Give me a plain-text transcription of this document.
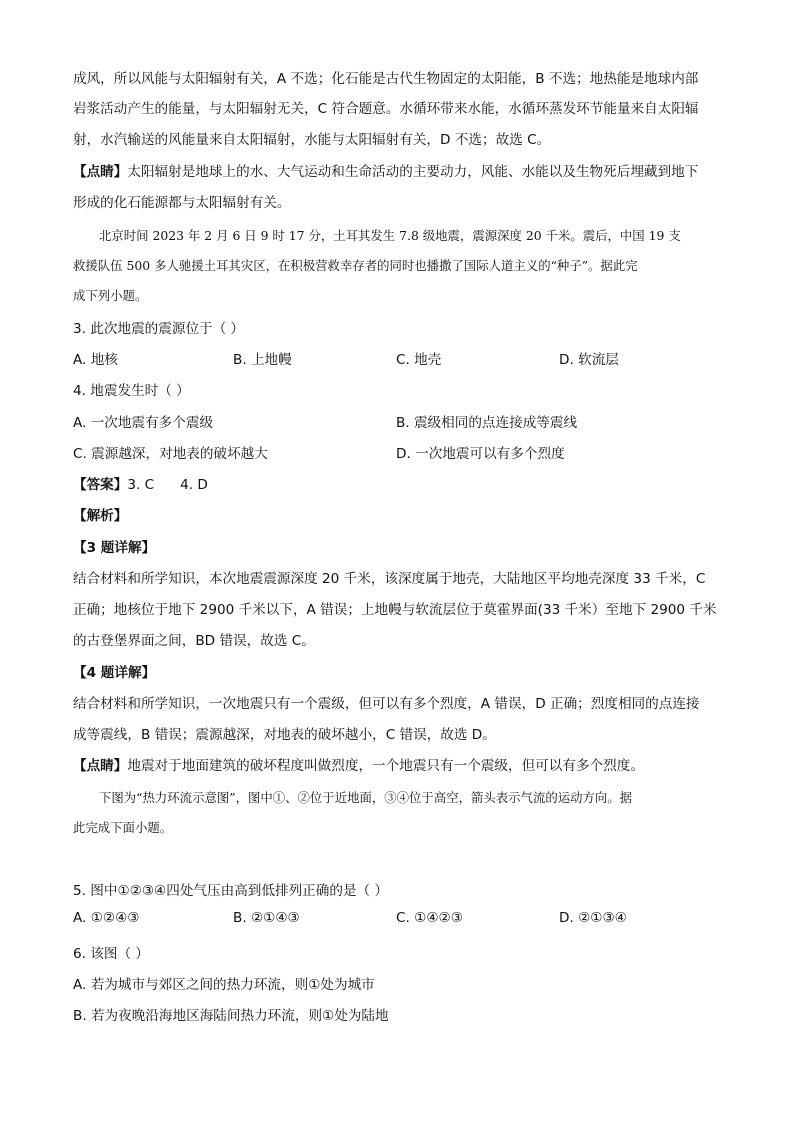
成风，所以风能与太阳辐射有关，A 不选；化石能是古代生物固定的太阳能，B 不选；地热能是地球内部
岩浆活动产生的能量，与太阳辐射无关，C 符合题意。水循环带来水能，水循环蒸发环节能量来自太阳辐
射，水汽输送的风能量来自太阳辐射，水能与太阳辐射有关，D 不选；故选 C。
【点睛】太阳辐射是地球上的水、大气运动和生命活动的主要动力，风能、水能以及生物死后埋藏到地下
形成的化石能源都与太阳辐射有关。
北京时间 2023 年 2 月 6 日 9 时 17 分，土耳其发生 7.8 级地震，震源深度 20 千米。震后，中国 19 支
救援队伍 500 多人驰援土耳其灾区，在积极营救幸存者的同时也播撒了国际人道主义的“种子”。据此完
成下列小题。
3. 此次地震的震源位于（ ）
A. 地核	B. 上地幔	C. 地壳	D. 软流层
4. 地震发生时（ ）
A. 一次地震有多个震级	B. 震级相同的点连接成等震线
C. 震源越深，对地表的破坏越大	D. 一次地震可以有多个烈度
【答案】3. C      4. D
【解析】
【3 题详解】
结合材料和所学知识，本次地震震源深度 20 千米，该深度属于地壳，大陆地区平均地壳深度 33 千米，C
正确；地核位于地下 2900 千米以下，A 错误；上地幔与软流层位于莫霍界面(33 千米）至地下 2900 千米
的古登堡界面之间，BD 错误，故选 C。
【4 题详解】
结合材料和所学知识，一次地震只有一个震级，但可以有多个烈度，A 错误，D 正确；烈度相同的点连接
成等震线，B 错误；震源越深，对地表的破坏越小，C 错误，故选 D。
【点睛】地震对于地面建筑的破坏程度叫做烈度，一个地震只有一个震级，但可以有多个烈度。
下图为“热力环流示意图”，图中①、②位于近地面，③④位于高空，箭头表示气流的运动方向。据
此完成下面小题。
5. 图中①②③④四处气压由高到低排列正确的是（ ）
A. ①②④③	B. ②①④③	C. ①④②③	D. ②①③④
6. 该图（ ）
A. 若为城市与郊区之间的热力环流，则①处为城市
B. 若为夜晚沿海地区海陆间热力环流，则①处为陆地
